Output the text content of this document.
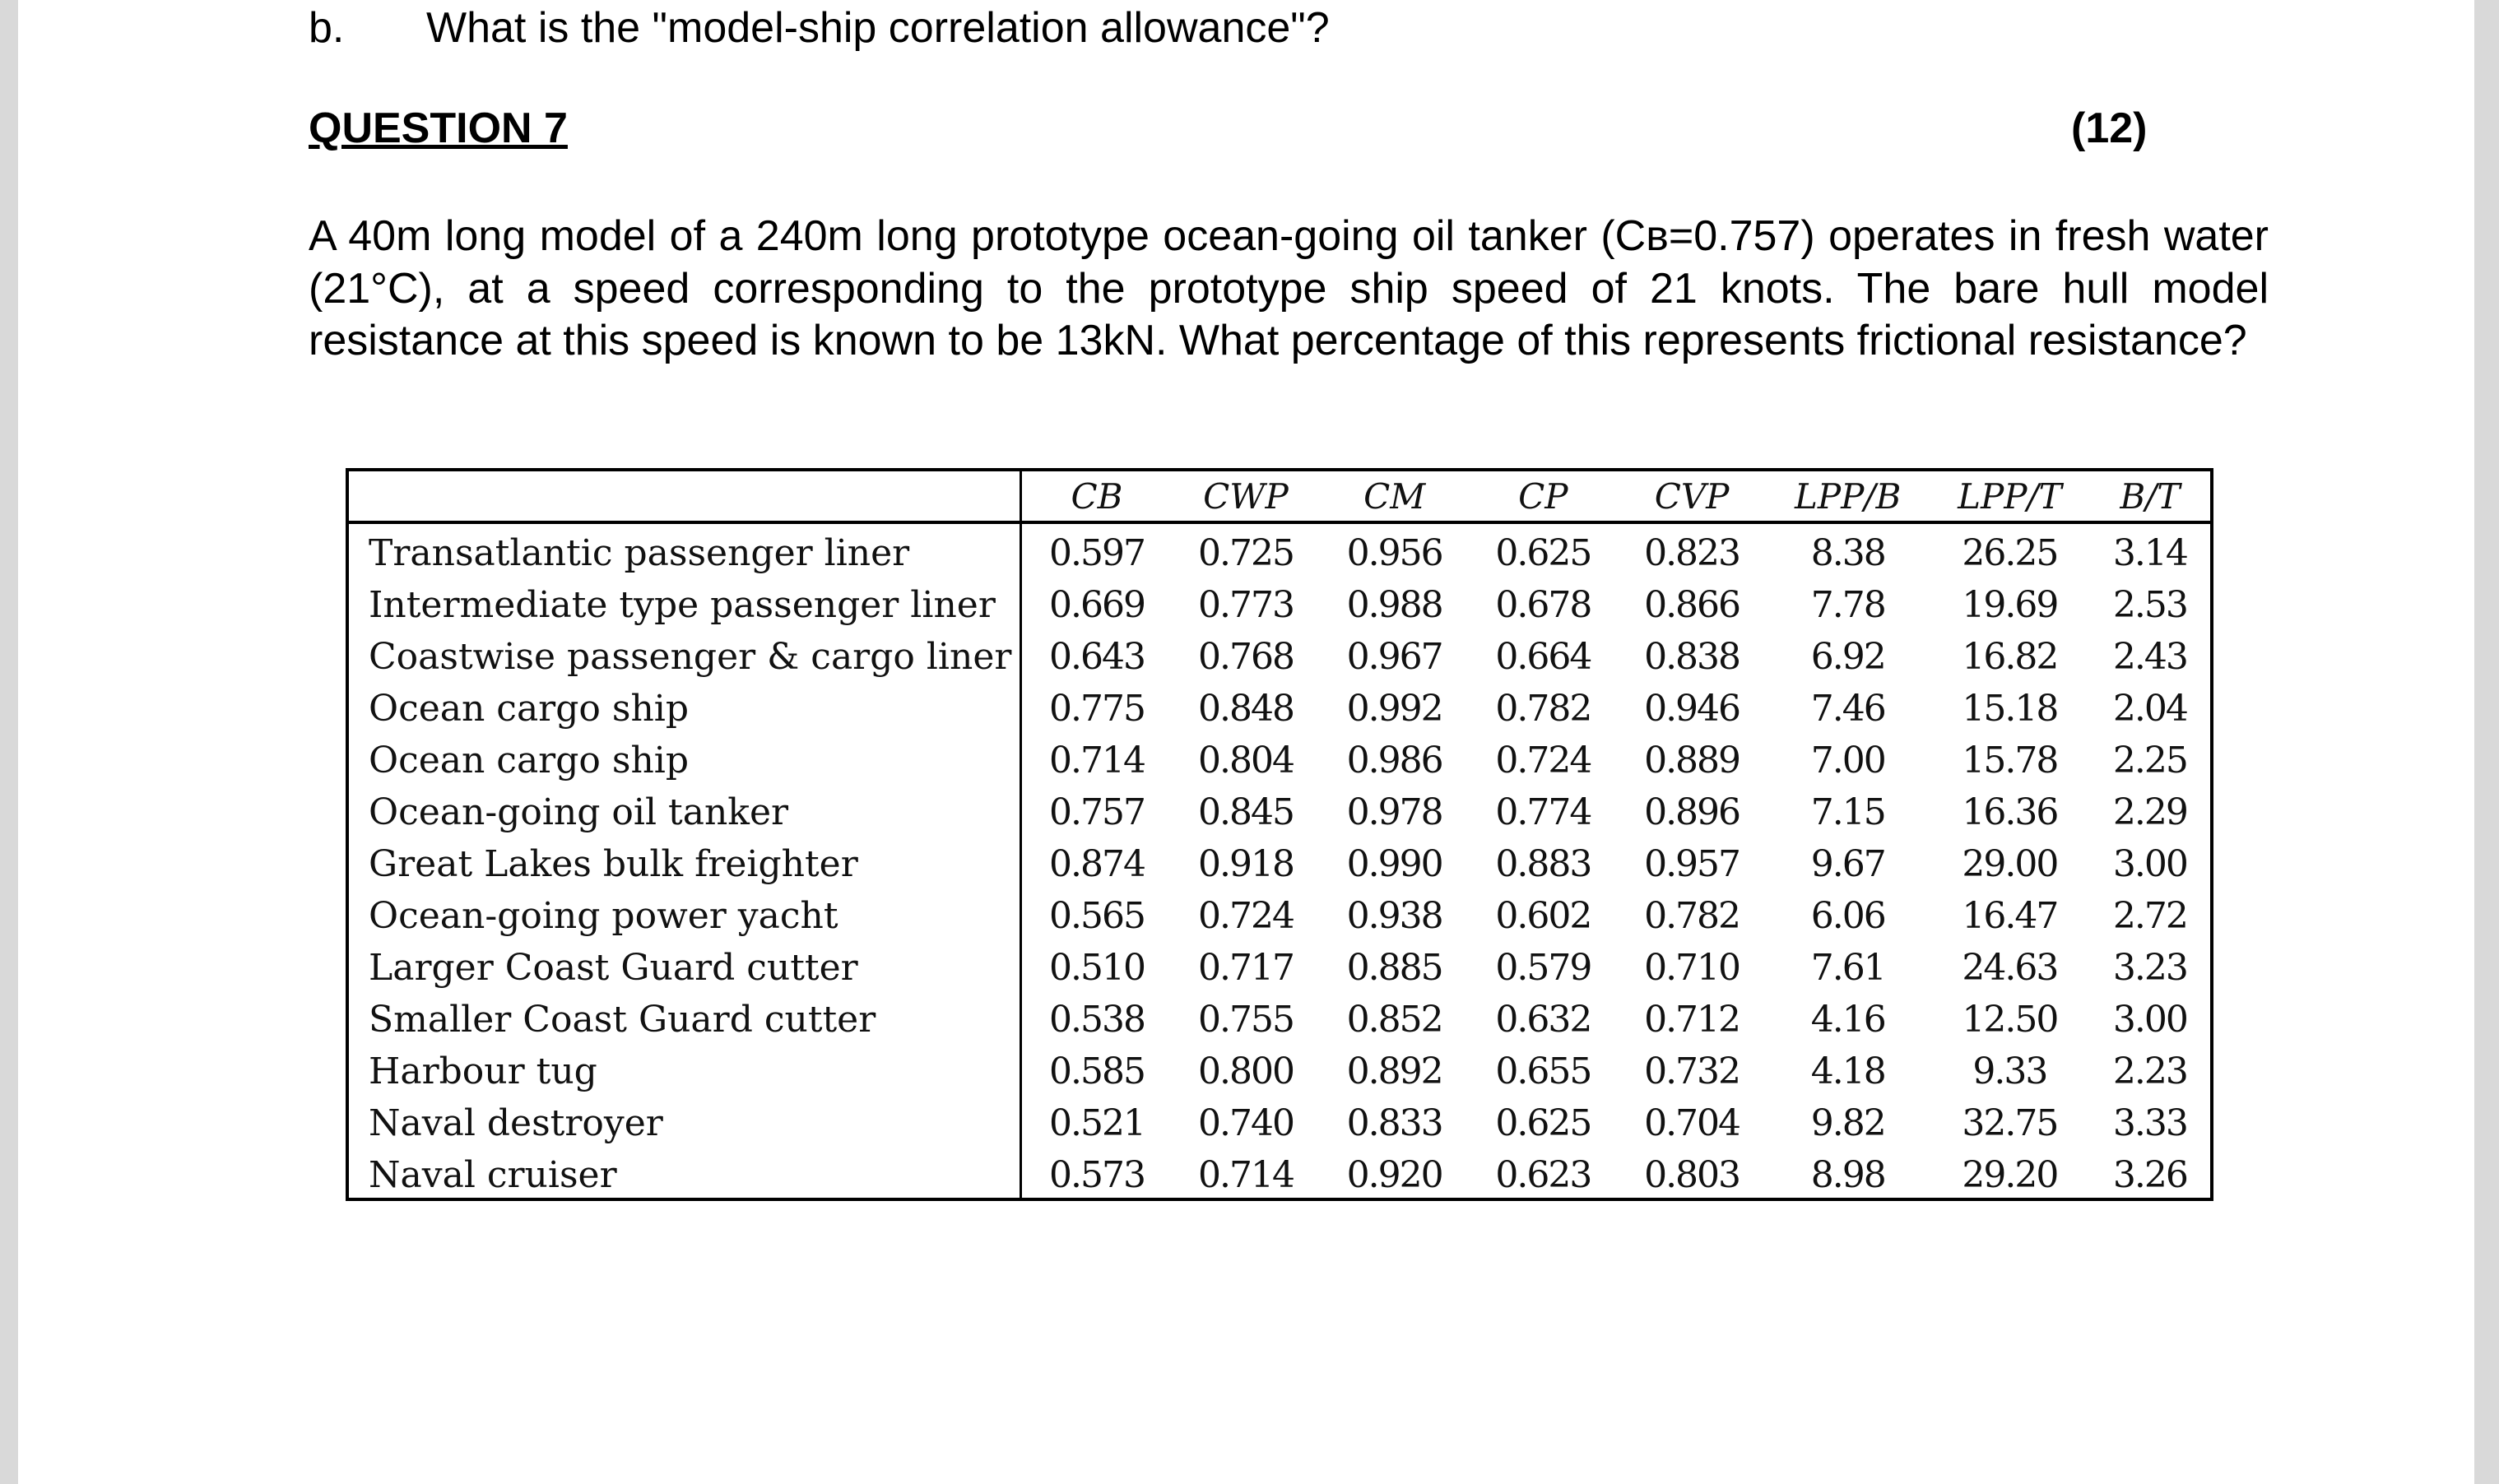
b. What is the "model-ship correlation allowance"?
QUESTION 7	(12)
A 40m long model of a 240m long prototype ocean-going oil tanker (Cʙ=0.757) operates in fresh water (21°C), at a speed corresponding to the prototype ship speed of 21 knots. The bare hull model resistance at this speed is known to be 13kN. What percentage of this represents frictional resistance?
	CB	CWP	CM	CP	CVP	LPP/B	LPP/T	B/T
Transatlantic passenger liner	0.597	0.725	0.956	0.625	0.823	8.38	26.25	3.14
Intermediate type passenger liner	0.669	0.773	0.988	0.678	0.866	7.78	19.69	2.53
Coastwise passenger & cargo liner	0.643	0.768	0.967	0.664	0.838	6.92	16.82	2.43
Ocean cargo ship	0.775	0.848	0.992	0.782	0.946	7.46	15.18	2.04
Ocean cargo ship	0.714	0.804	0.986	0.724	0.889	7.00	15.78	2.25
Ocean-going oil tanker	0.757	0.845	0.978	0.774	0.896	7.15	16.36	2.29
Great Lakes bulk freighter	0.874	0.918	0.990	0.883	0.957	9.67	29.00	3.00
Ocean-going power yacht	0.565	0.724	0.938	0.602	0.782	6.06	16.47	2.72
Larger Coast Guard cutter	0.510	0.717	0.885	0.579	0.710	7.61	24.63	3.23
Smaller Coast Guard cutter	0.538	0.755	0.852	0.632	0.712	4.16	12.50	3.00
Harbour tug	0.585	0.800	0.892	0.655	0.732	4.18	9.33	2.23
Naval destroyer	0.521	0.740	0.833	0.625	0.704	9.82	32.75	3.33
Naval cruiser	0.573	0.714	0.920	0.623	0.803	8.98	29.20	3.26
